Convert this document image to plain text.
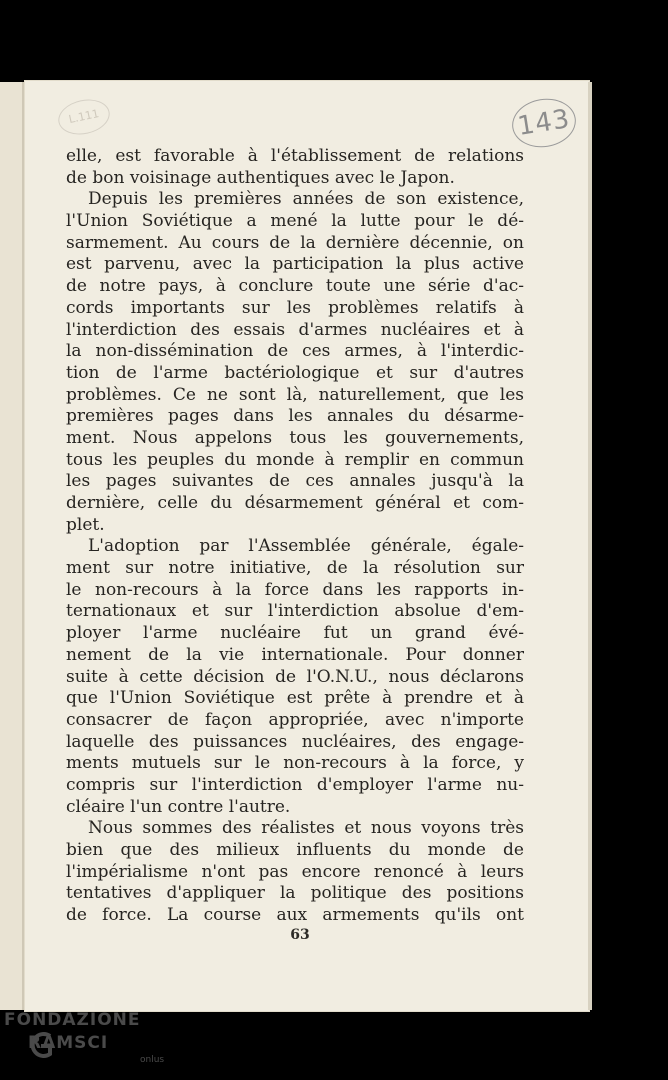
L.111	143
elle, est favorable à l'établissement de relations
de bon voisinage authentiques avec le Japon.
Depuis les premières années de son existence,
l'Union Soviétique a mené la lutte pour le dé-
sarmement. Au cours de la dernière décennie, on
est parvenu, avec la participation la plus active
de notre pays, à conclure toute une série d'ac-
cords importants sur les problèmes relatifs à
l'interdiction des essais d'armes nucléaires et à
la non-dissémination de ces armes, à l'interdic-
tion de l'arme bactériologique et sur d'autres
problèmes. Ce ne sont là, naturellement, que les
premières pages dans les annales du désarme-
ment. Nous appelons tous les gouvernements,
tous les peuples du monde à remplir en commun
les pages suivantes de ces annales jusqu'à la
dernière, celle du désarmement général et com-
plet.
L'adoption par l'Assemblée générale, égale-
ment sur notre initiative, de la résolution sur
le non-recours à la force dans les rapports in-
ternationaux et sur l'interdiction absolue d'em-
ployer l'arme nucléaire fut un grand évé-
nement de la vie internationale. Pour donner
suite à cette décision de l'O.N.U., nous déclarons
que l'Union Soviétique est prête à prendre et à
consacrer de façon appropriée, avec n'importe
laquelle des puissances nucléaires, des engage-
ments mutuels sur le non-recours à la force, y
compris sur l'interdiction d'employer l'arme nu-
cléaire l'un contre l'autre.
Nous sommes des réalistes et nous voyons très
bien que des milieux influents du monde de
l'impérialisme n'ont pas encore renoncé à leurs
tentatives d'appliquer la politique des positions
de force. La course aux armements qu'ils ont
63
FONDAZIONE
RAMSCI
onlus
